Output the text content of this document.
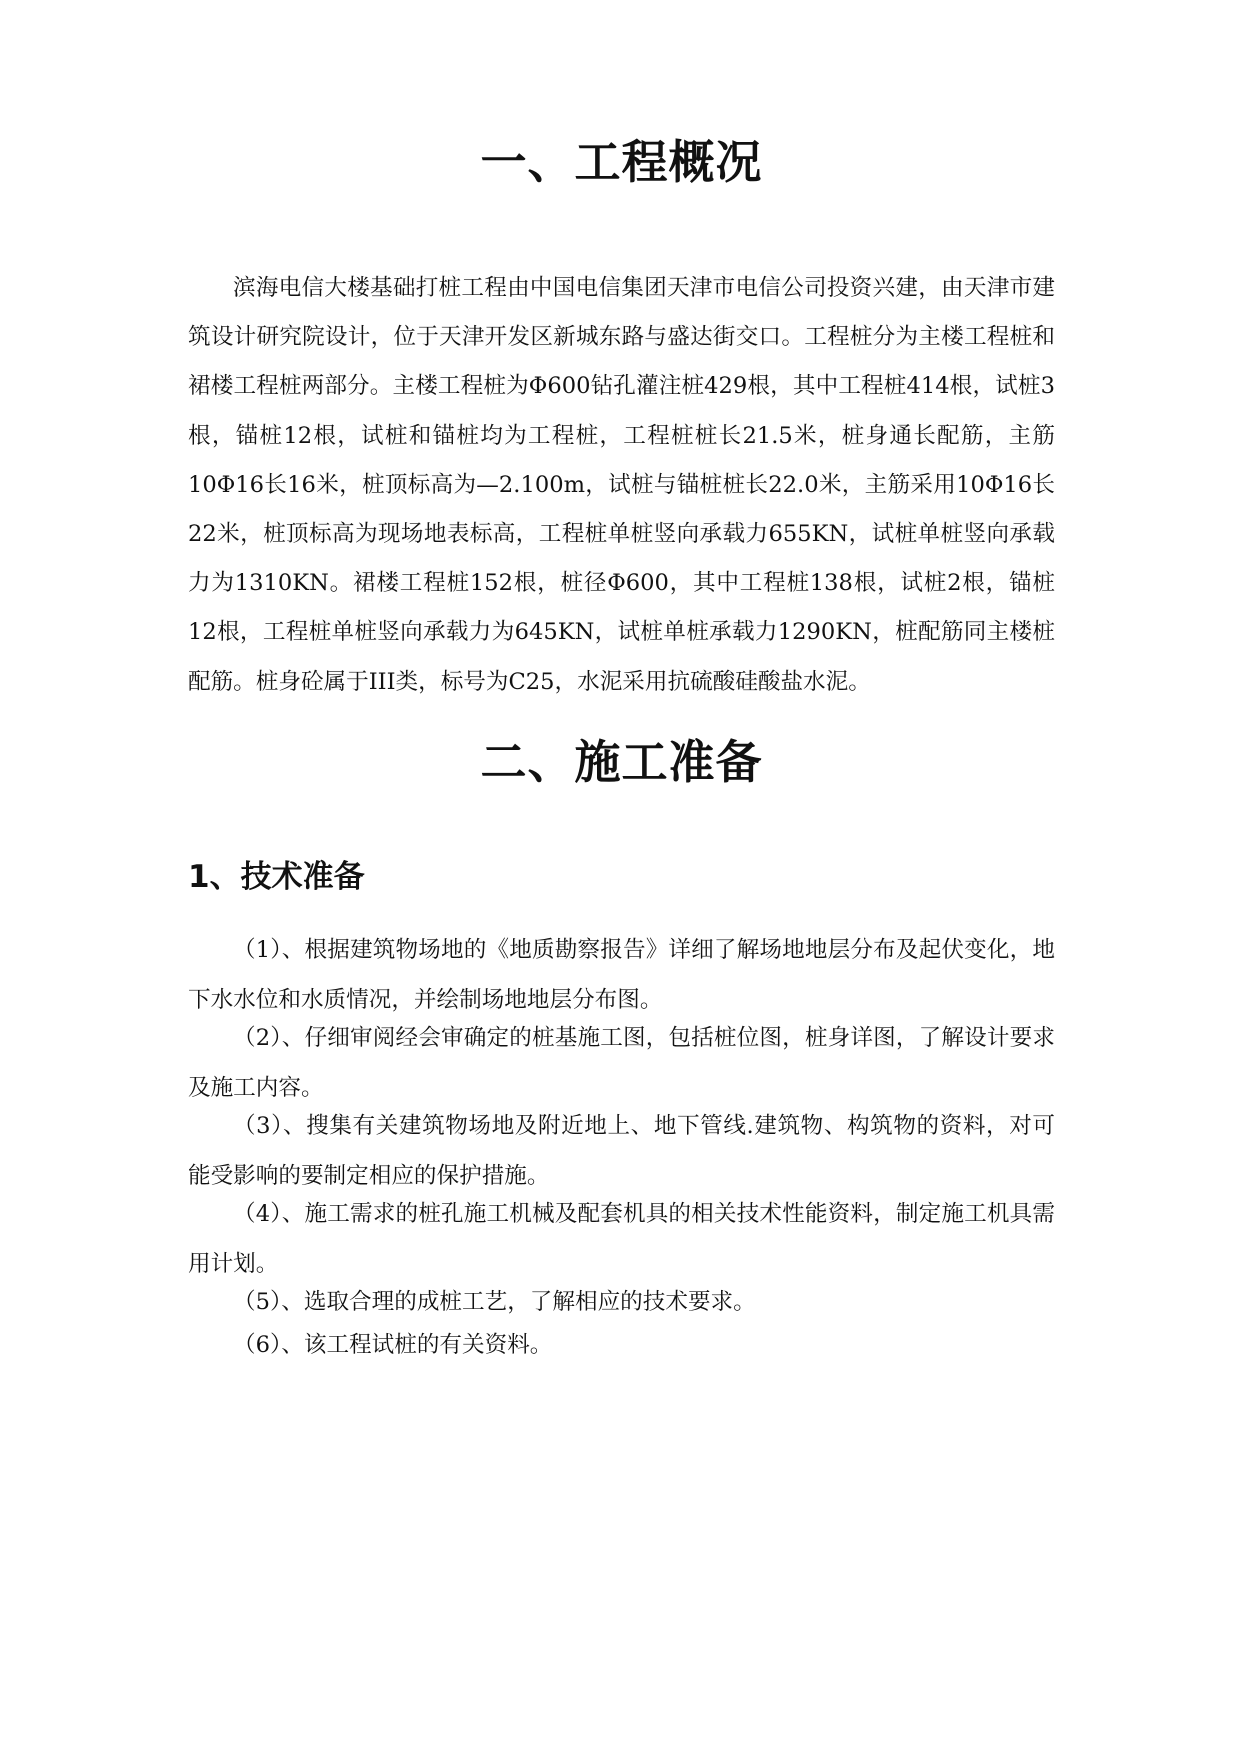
一、工程概况

滨海电信大楼基础打桩工程由中国电信集团天津市电信公司投资兴建，由天津市建筑设计研究院设计，位于天津开发区新城东路与盛达街交口。工程桩分为主楼工程桩和裙楼工程桩两部分。主楼工程桩为Φ600钻孔灌注桩429根，其中工程桩414根，试桩3根，锚桩12根，试桩和锚桩均为工程桩，工程桩桩长21.5米，桩身通长配筋，主筋10Φ16长16米，桩顶标高为—2.100m，试桩与锚桩桩长22.0米，主筋采用10Φ16长22米，桩顶标高为现场地表标高，工程桩单桩竖向承载力655KN，试桩单桩竖向承载力为1310KN。裙楼工程桩152根，桩径Φ600，其中工程桩138根，试桩2根，锚桩12根，工程桩单桩竖向承载力为645KN，试桩单桩承载力1290KN，桩配筋同主楼桩配筋。桩身砼属于III类，标号为C25，水泥采用抗硫酸硅酸盐水泥。

二、施工准备
1、技术准备

（1）、根据建筑物场地的《地质勘察报告》详细了解场地地层分布及起伏变化，地下水水位和水质情况，并绘制场地地层分布图。

（2）、仔细审阅经会审确定的桩基施工图，包括桩位图，桩身详图，了解设计要求及施工内容。

（3）、搜集有关建筑物场地及附近地上、地下管线.建筑物、构筑物的资料，对可能受影响的要制定相应的保护措施。

（4）、施工需求的桩孔施工机械及配套机具的相关技术性能资料，制定施工机具需用计划。

（5）、选取合理的成桩工艺，了解相应的技术要求。

（6）、该工程试桩的有关资料。
